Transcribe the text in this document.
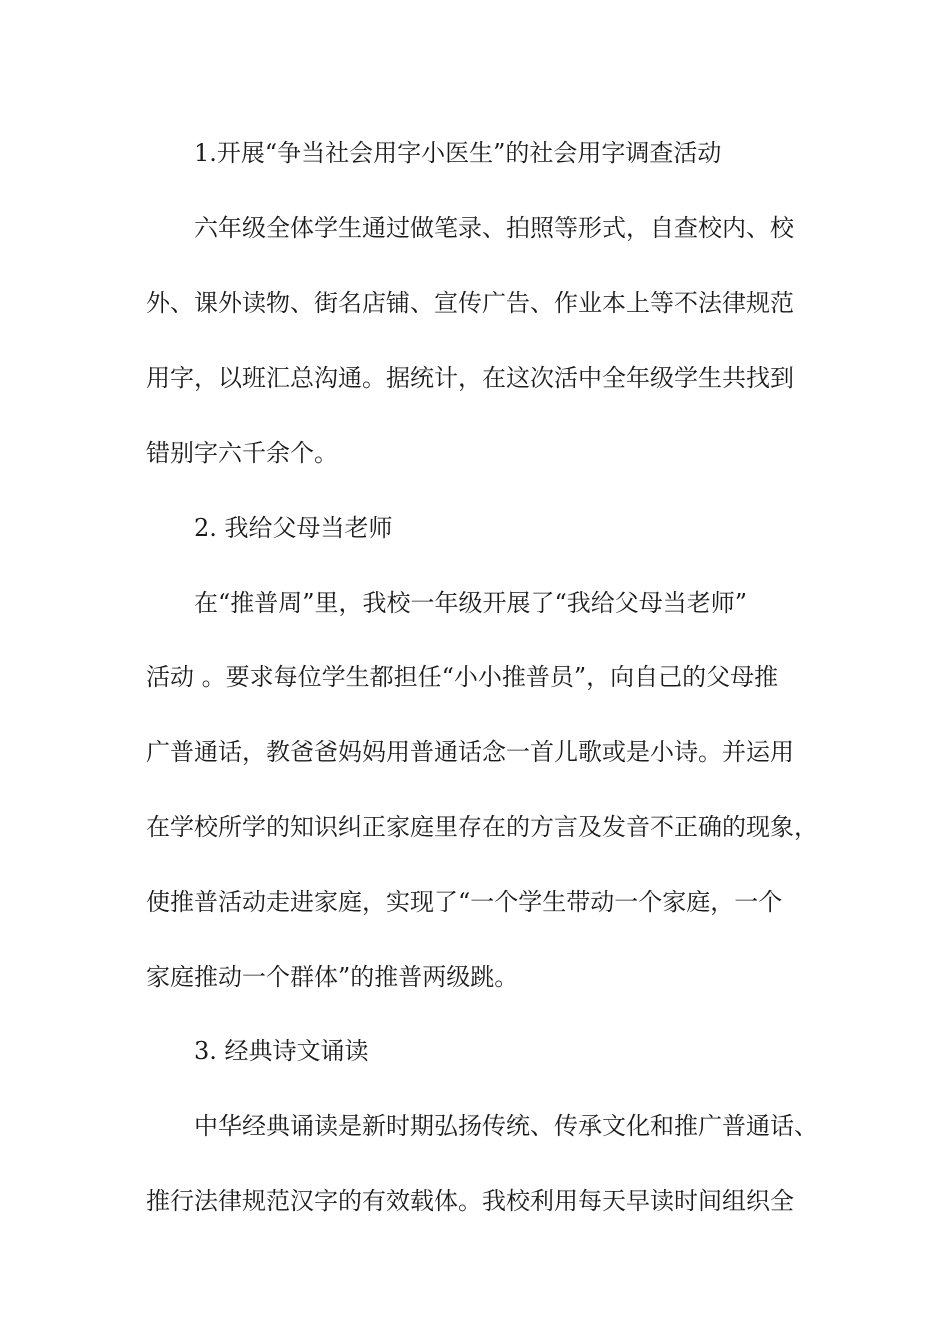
1.开展“争当社会用字小医生”的社会用字调查活动
六年级全体学生通过做笔录、拍照等形式，自查校内、校
外、课外读物、街名店铺、宣传广告、作业本上等不法律规范
用字，以班汇总沟通。据统计，在这次活中全年级学生共找到
错别字六千余个。
2. 我给父母当老师
在“推普周”里，我校一年级开展了“我给父母当老师”
活动 。要求每位学生都担任“小小推普员”，向自己的父母推
广普通话，教爸爸妈妈用普通话念一首儿歌或是小诗。并运用
在学校所学的知识纠正家庭里存在的方言及发音不正确的现象，
使推普活动走进家庭，实现了“一个学生带动一个家庭，一个
家庭推动一个群体”的推普两级跳。
3. 经典诗文诵读
中华经典诵读是新时期弘扬传统、传承文化和推广普通话、
推行法律规范汉字的有效载体。我校利用每天早读时间组织全
